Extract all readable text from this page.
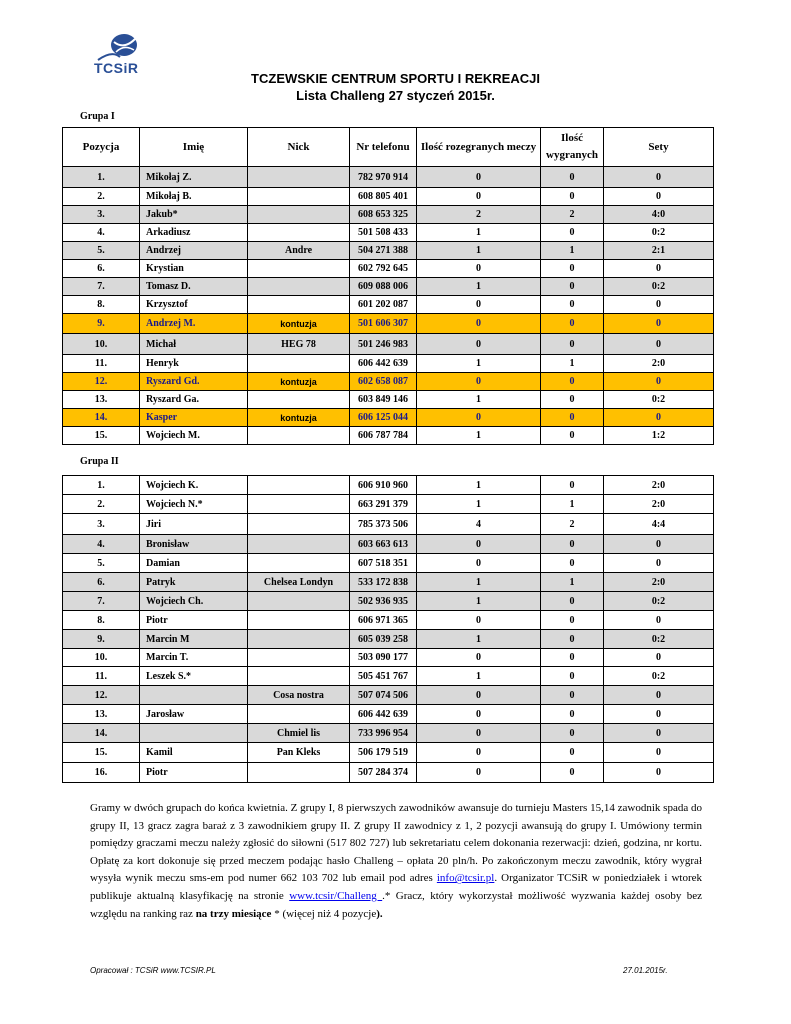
TCSiR
TCZEWSKIE CENTRUM SPORTU I REKREACJI
Lista Challeng 27 styczeń 2015r.
Grupa I
Pozycja	Imię	Nick	Nr telefonu	Ilość rozegranych meczy	Ilość wygranych	Sety
1.	Mikołaj Z.		782 970 914	0	0	0
2.	Mikołaj B.		608 805 401	0	0	0
3.	Jakub*		608 653 325	2	2	4:0
4.	Arkadiusz		501 508 433	1	0	0:2
5.	Andrzej	Andre	504 271 388	1	1	2:1
6.	Krystian		602 792 645	0	0	0
7.	Tomasz D.		609 088 006	1	0	0:2
8.	Krzysztof		601 202 087	0	0	0
9.	Andrzej M.	kontuzja	501 606 307	0	0	0
10.	Michał	HEG 78	501 246 983	0	0	0
11.	Henryk		606 442 639	1	1	2:0
12.	Ryszard Gd.	kontuzja	602 658 087	0	0	0
13.	Ryszard Ga.		603 849 146	1	0	0:2
14.	Kasper	kontuzja	606 125 044	0	0	0
15.	Wojciech M.		606 787 784	1	0	1:2
Grupa II
1.	Wojciech K.		606 910 960	1	0	2:0
2.	Wojciech N.*		663 291 379	1	1	2:0
3.	Jiri		785 373 506	4	2	4:4
4.	Bronisław		603 663 613	0	0	0
5.	Damian		607 518 351	0	0	0
6.	Patryk	Chelsea Londyn	533 172 838	1	1	2:0
7.	Wojciech Ch.		502 936 935	1	0	0:2
8.	Piotr		606 971 365	0	0	0
9.	Marcin M		605 039 258	1	0	0:2
10.	Marcin T.		503 090 177	0	0	0
11.	Leszek S.*		505 451 767	1	0	0:2
12.		Cosa nostra	507 074 506	0	0	0
13.	Jarosław		606 442 639	0	0	0
14.		Chmiel lis	733 996 954	0	0	0
15.	Kamil	Pan Kleks	506 179 519	0	0	0
16.	Piotr		507 284 374	0	0	0
Gramy w dwóch grupach do końca kwietnia. Z grupy I, 8 pierwszych zawodników awansuje do turnieju Masters 15,14 zawodnik spada do grupy II, 13 gracz zagra baraż z 3 zawodnikiem grupy II. Z grupy II zawodnicy z 1, 2 pozycji awansują do grupy I. Umówiony termin pomiędzy graczami meczu należy zgłosić do siłowni (517 802 727) lub sekretariatu celem dokonania rezerwacji: dzień, godzina, nr kortu. Opłatę za kort dokonuje się przed meczem podając hasło Challeng – opłata 20 pln/h. Po zakończonym meczu zawodnik, który wygrał wysyła wynik meczu sms-em pod numer 662 103 702 lub email pod adres info@tcsir.pl. Organizator TCSiR w poniedziałek i wtorek publikuje aktualną klasyfikację na stronie www.tcsir/Challeng .* Gracz, który wykorzystał możliwość wyzwania każdej osoby bez względu na ranking raz na trzy miesiące * (więcej niż 4 pozycje).
Opracował : TCSiR www.TCSIR.PL	27.01.2015r.
